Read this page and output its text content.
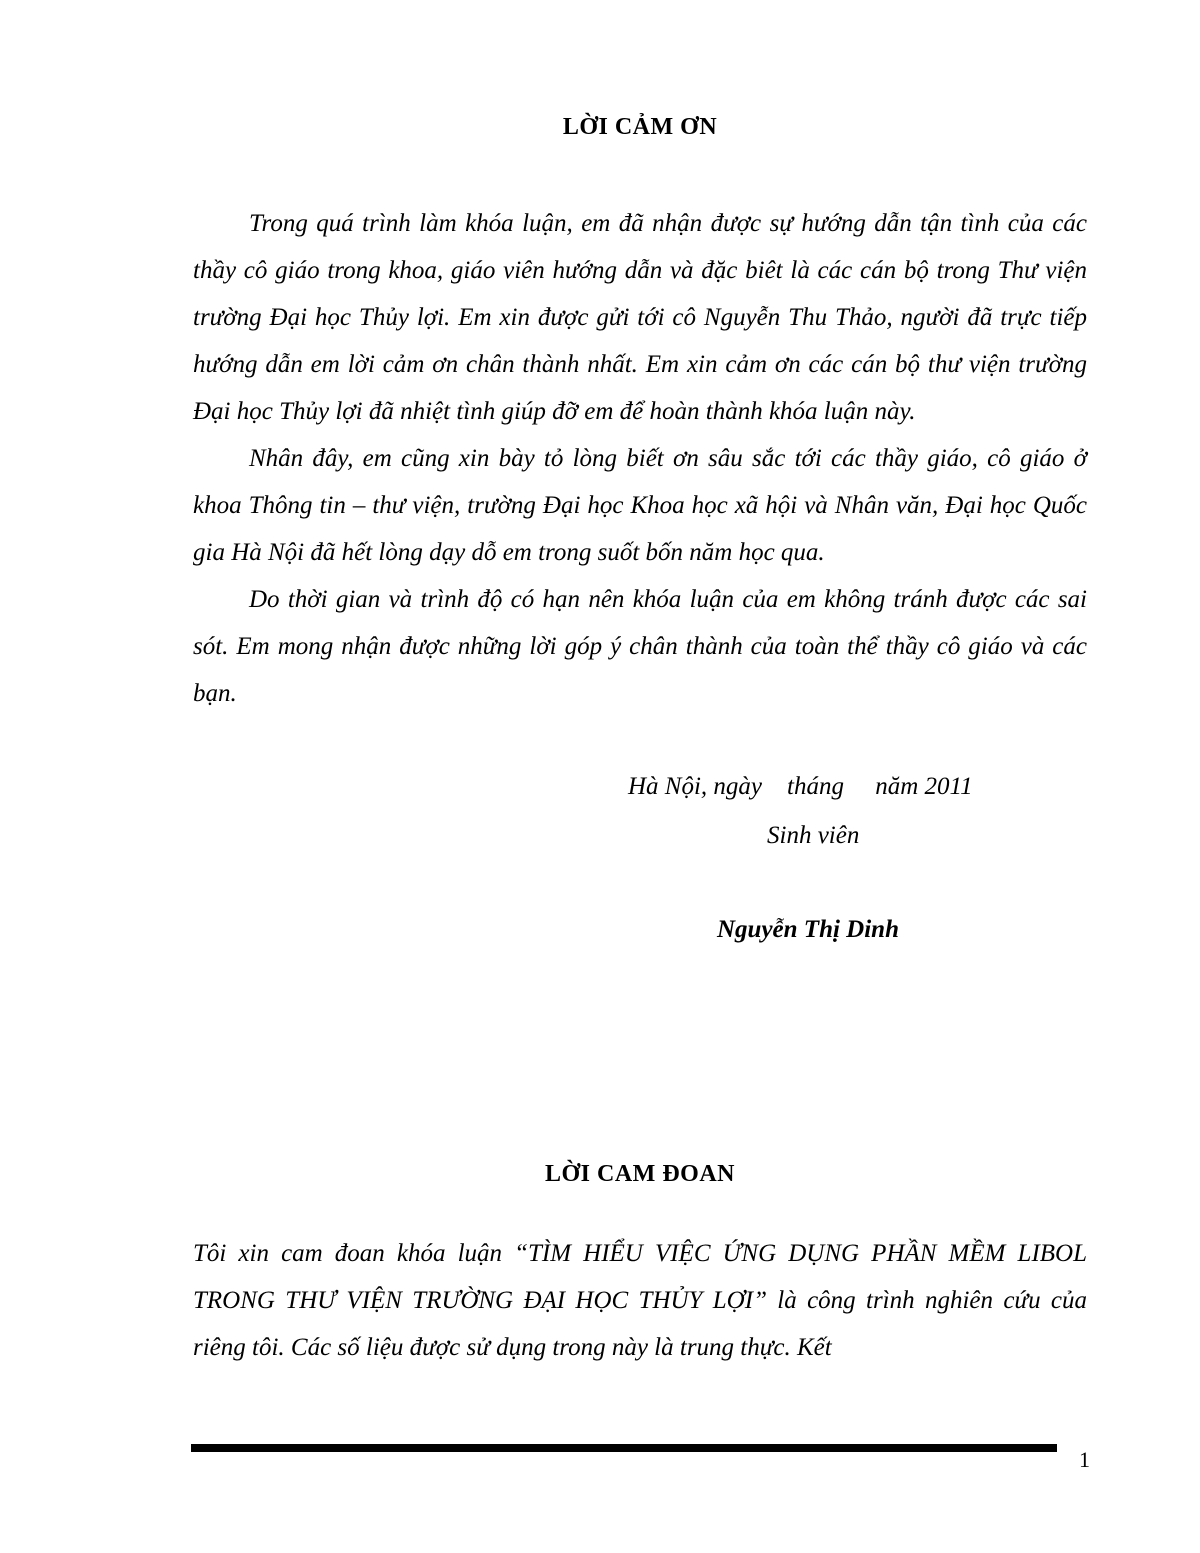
LỜI CẢM ƠN

Trong quá trình làm khóa luận, em đã nhận được sự hướng dẫn tận tình của các thầy cô giáo trong khoa, giáo viên hướng dẫn và đặc biêt là các cán bộ trong Thư viện trường Đại học Thủy lợi. Em xin được gửi tới cô Nguyễn Thu Thảo, người đã trực tiếp hướng dẫn em lời cảm ơn chân thành nhất. Em xin cảm ơn các cán bộ thư viện trường Đại học Thủy lợi đã nhiệt tình giúp đỡ em để hoàn thành khóa luận này.

Nhân đây, em cũng xin bày tỏ lòng biết ơn sâu sắc tới các thầy giáo, cô giáo ở khoa Thông tin – thư viện, trường Đại học Khoa học xã hội và Nhân văn, Đại học Quốc gia Hà Nội đã hết lòng dạy dỗ em trong suốt bốn năm học qua.

Do thời gian và trình độ có hạn nên khóa luận của em không tránh được các sai sót. Em mong nhận được những lời góp ý chân thành của toàn thể thầy cô giáo và các bạn.

Hà Nội, ngày    tháng     năm 2011
Sinh viên
Nguyễn Thị Dinh
LỜI CAM ĐOAN

Tôi xin cam đoan khóa luận “TÌM HIỂU VIỆC ỨNG DỤNG PHẦN MỀM LIBOL TRONG THƯ VIỆN TRƯỜNG ĐẠI HỌC THỦY LỢI” là công trình nghiên cứu của riêng tôi. Các số liệu được sử dụng trong này là trung thực. Kết

1
